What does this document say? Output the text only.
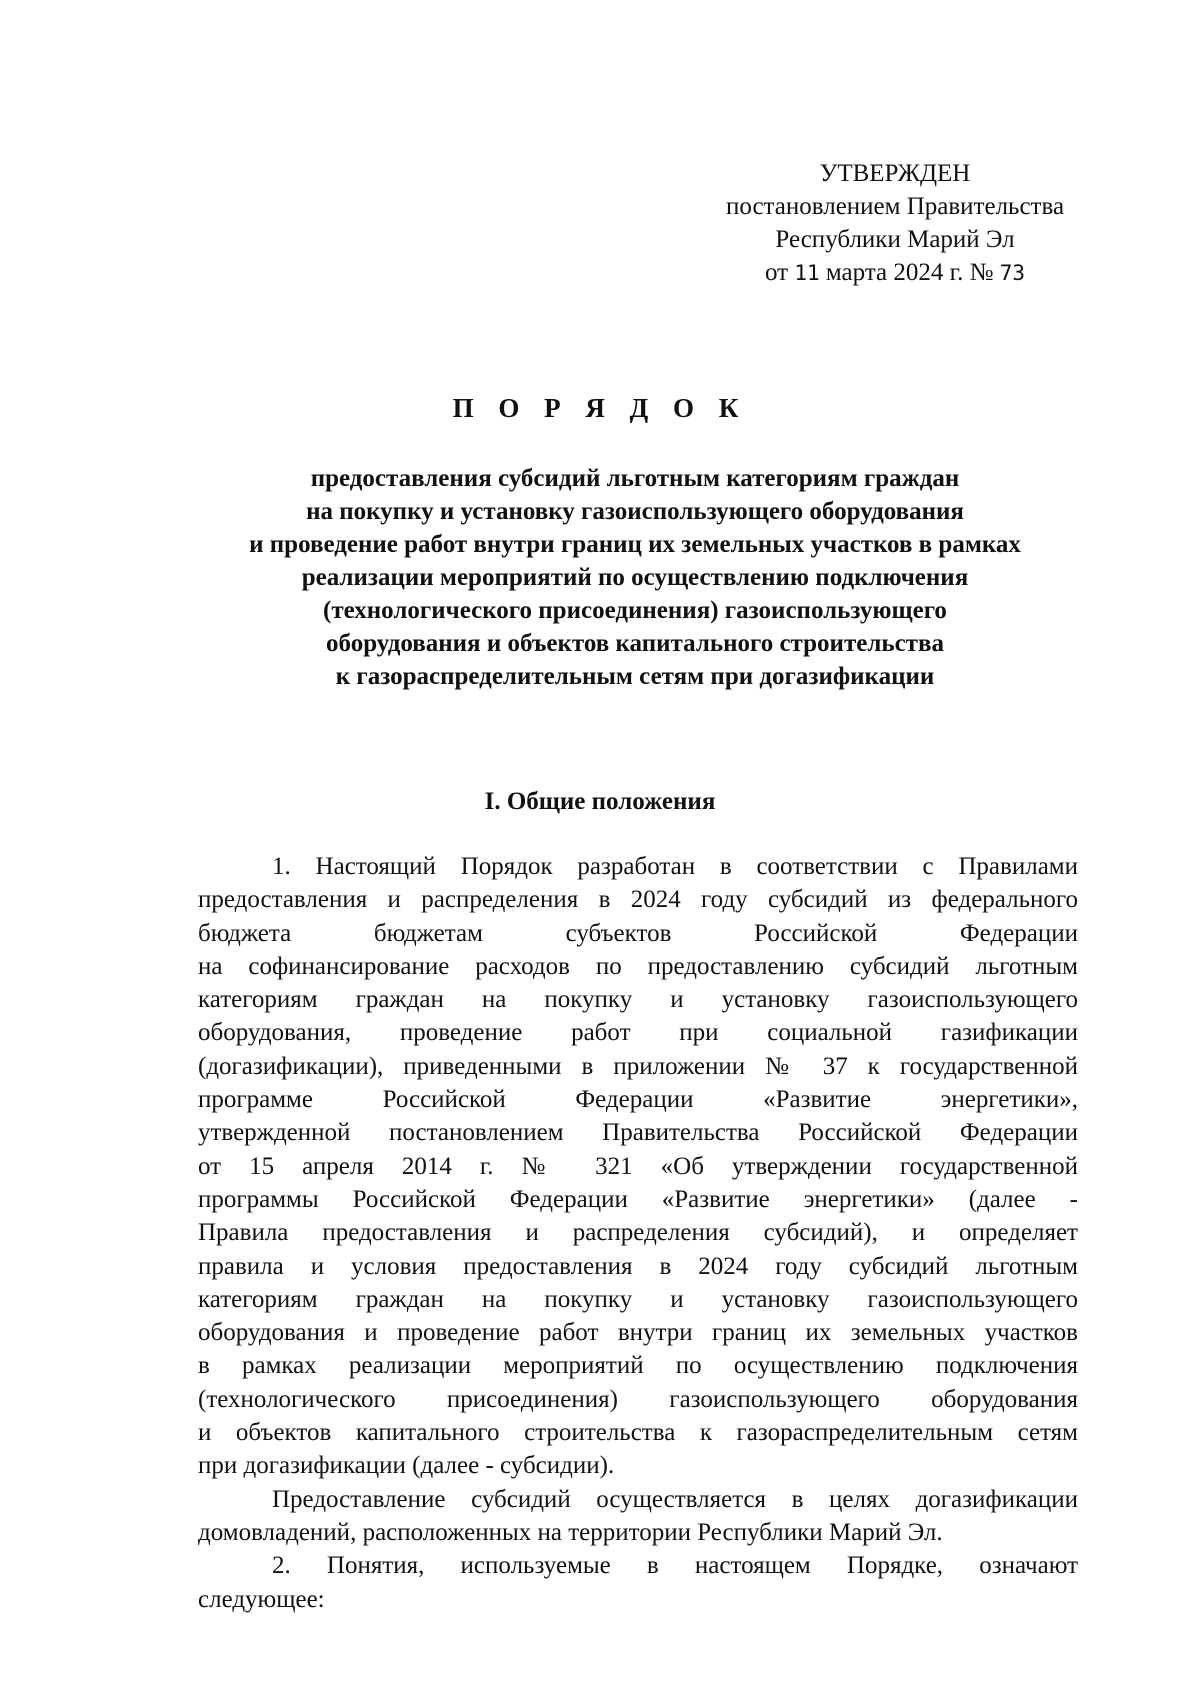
УТВЕРЖДЕН
постановлением Правительства
Республики Марий Эл
от 11 марта 2024 г. № 73
П О Р Я Д О К
предоставления субсидий льготным категориям граждан
на покупку и установку газоиспользующего оборудования
и проведение работ внутри границ их земельных участков в рамках
реализации мероприятий по осуществлению подключения
(технологического присоединения) газоиспользующего
оборудования и объектов капитального строительства
к газораспределительным сетям при догазификации
I. Общие положения
1. Настоящий Порядок разработан в соответствии с Правилами
предоставления и распределения в 2024 году субсидий из федерального
бюджета бюджетам субъектов Российской Федерации
на софинансирование расходов по предоставлению субсидий льготным
категориям граждан на покупку и установку газоиспользующего
оборудования, проведение работ при социальной газификации
(догазификации), приведенными в приложении № 37 к государственной
программе Российской Федерации «Развитие энергетики»,
утвержденной постановлением Правительства Российской Федерации
от 15 апреля 2014 г. № 321 «Об утверждении государственной
программы Российской Федерации «Развитие энергетики» (далее -
Правила предоставления и распределения субсидий), и определяет
правила и условия предоставления в 2024 году субсидий льготным
категориям граждан на покупку и установку газоиспользующего
оборудования и проведение работ внутри границ их земельных участков
в рамках реализации мероприятий по осуществлению подключения
(технологического присоединения) газоиспользующего оборудования
и объектов капитального строительства к газораспределительным сетям
при догазификации (далее - субсидии).
Предоставление субсидий осуществляется в целях догазификации
домовладений, расположенных на территории Республики Марий Эл.
2. Понятия, используемые в настоящем Порядке, означают
следующее:
